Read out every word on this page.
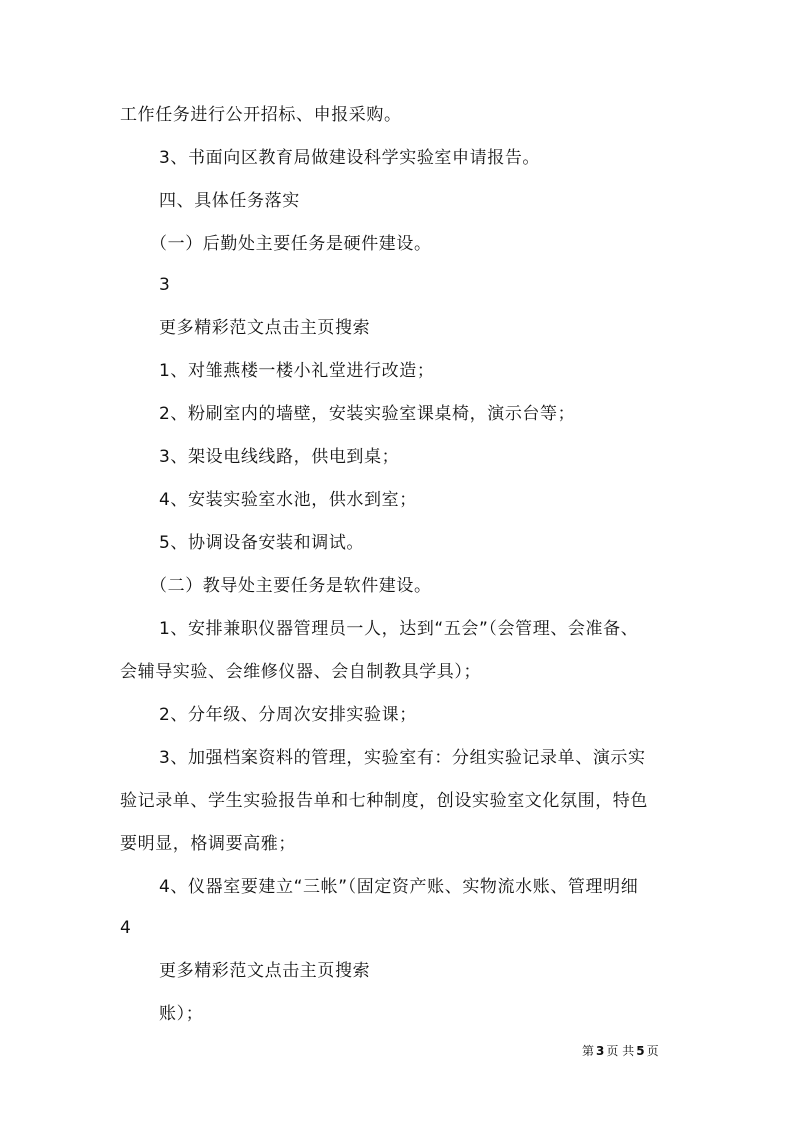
工作任务进行公开招标、申报采购。
3、书面向区教育局做建设科学实验室申请报告。
四、具体任务落实
（一）后勤处主要任务是硬件建设。
3
更多精彩范文点击主页搜索
1、对雏燕楼一楼小礼堂进行改造；
2、粉刷室内的墙壁，安装实验室课桌椅，演示台等；
3、架设电线线路，供电到桌；
4、安装实验室水池，供水到室；
5、协调设备安装和调试。
（二）教导处主要任务是软件建设。
1、安排兼职仪器管理员一人，达到“五会”（会管理、会准备、
会辅导实验、会维修仪器、会自制教具学具）；
2、分年级、分周次安排实验课；
3、加强档案资料的管理，实验室有：分组实验记录单、演示实
验记录单、学生实验报告单和七种制度，创设实验室文化氛围，特色
要明显，格调要高雅；
4、仪器室要建立“三帐”（固定资产账、实物流水账、管理明细
4
更多精彩范文点击主页搜索
账）；
第 3 页 共 5 页
